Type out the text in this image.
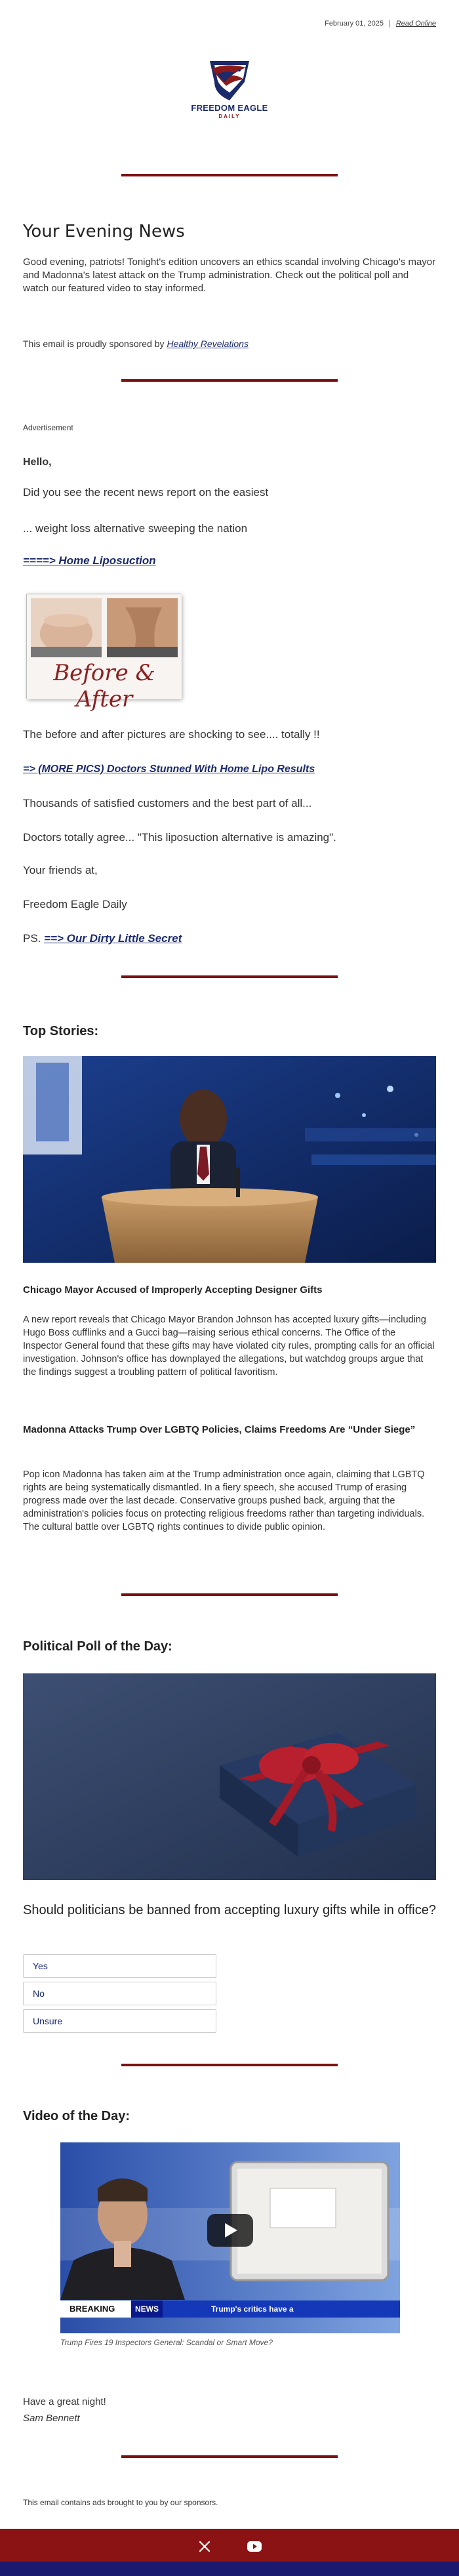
February 01, 2025 | Read Online
FREEDOM EAGLE
DAILY
Your Evening News
Good evening, patriots! Tonight's edition uncovers an ethics scandal involving Chicago's mayor and Madonna's latest attack on the Trump administration. Check out the political poll and watch our featured video to stay informed.
This email is proudly sponsored by Healthy Revelations
Advertisement
Hello,
Did you see the recent news report on the easiest
... weight loss alternative sweeping the nation
====> Home Liposuction
Before & After
The before and after pictures are shocking to see.... totally !!
=> (MORE PICS) Doctors Stunned With Home Lipo Results
Thousands of satisfied customers and the best part of all...
Doctors totally agree... "This liposuction alternative is amazing".
Your friends at,
Freedom Eagle Daily
PS. ==> Our Dirty Little Secret
Top Stories:
Chicago Mayor Accused of Improperly Accepting Designer Gifts
A new report reveals that Chicago Mayor Brandon Johnson has accepted luxury gifts—including Hugo Boss cufflinks and a Gucci bag—raising serious ethical concerns. The Office of the Inspector General found that these gifts may have violated city rules, prompting calls for an official investigation. Johnson's office has downplayed the allegations, but watchdog groups argue that the findings suggest a troubling pattern of political favoritism.
Madonna Attacks Trump Over LGBTQ Policies, Claims Freedoms Are “Under Siege”
Pop icon Madonna has taken aim at the Trump administration once again, claiming that LGBTQ rights are being systematically dismantled. In a fiery speech, she accused Trump of erasing progress made over the last decade. Conservative groups pushed back, arguing that the administration's policies focus on protecting religious freedoms rather than targeting individuals. The cultural battle over LGBTQ rights continues to divide public opinion.
Political Poll of the Day:
Should politicians be banned from accepting luxury gifts while in office?
Yes
No
Unsure
Video of the Day:
BREAKING	NEWS	Trump's critics have a
Trump Fires 19 Inspectors General: Scandal or Smart Move?
Have a great night!
Sam Bennett
This email contains ads brought to you by our sponsors.
